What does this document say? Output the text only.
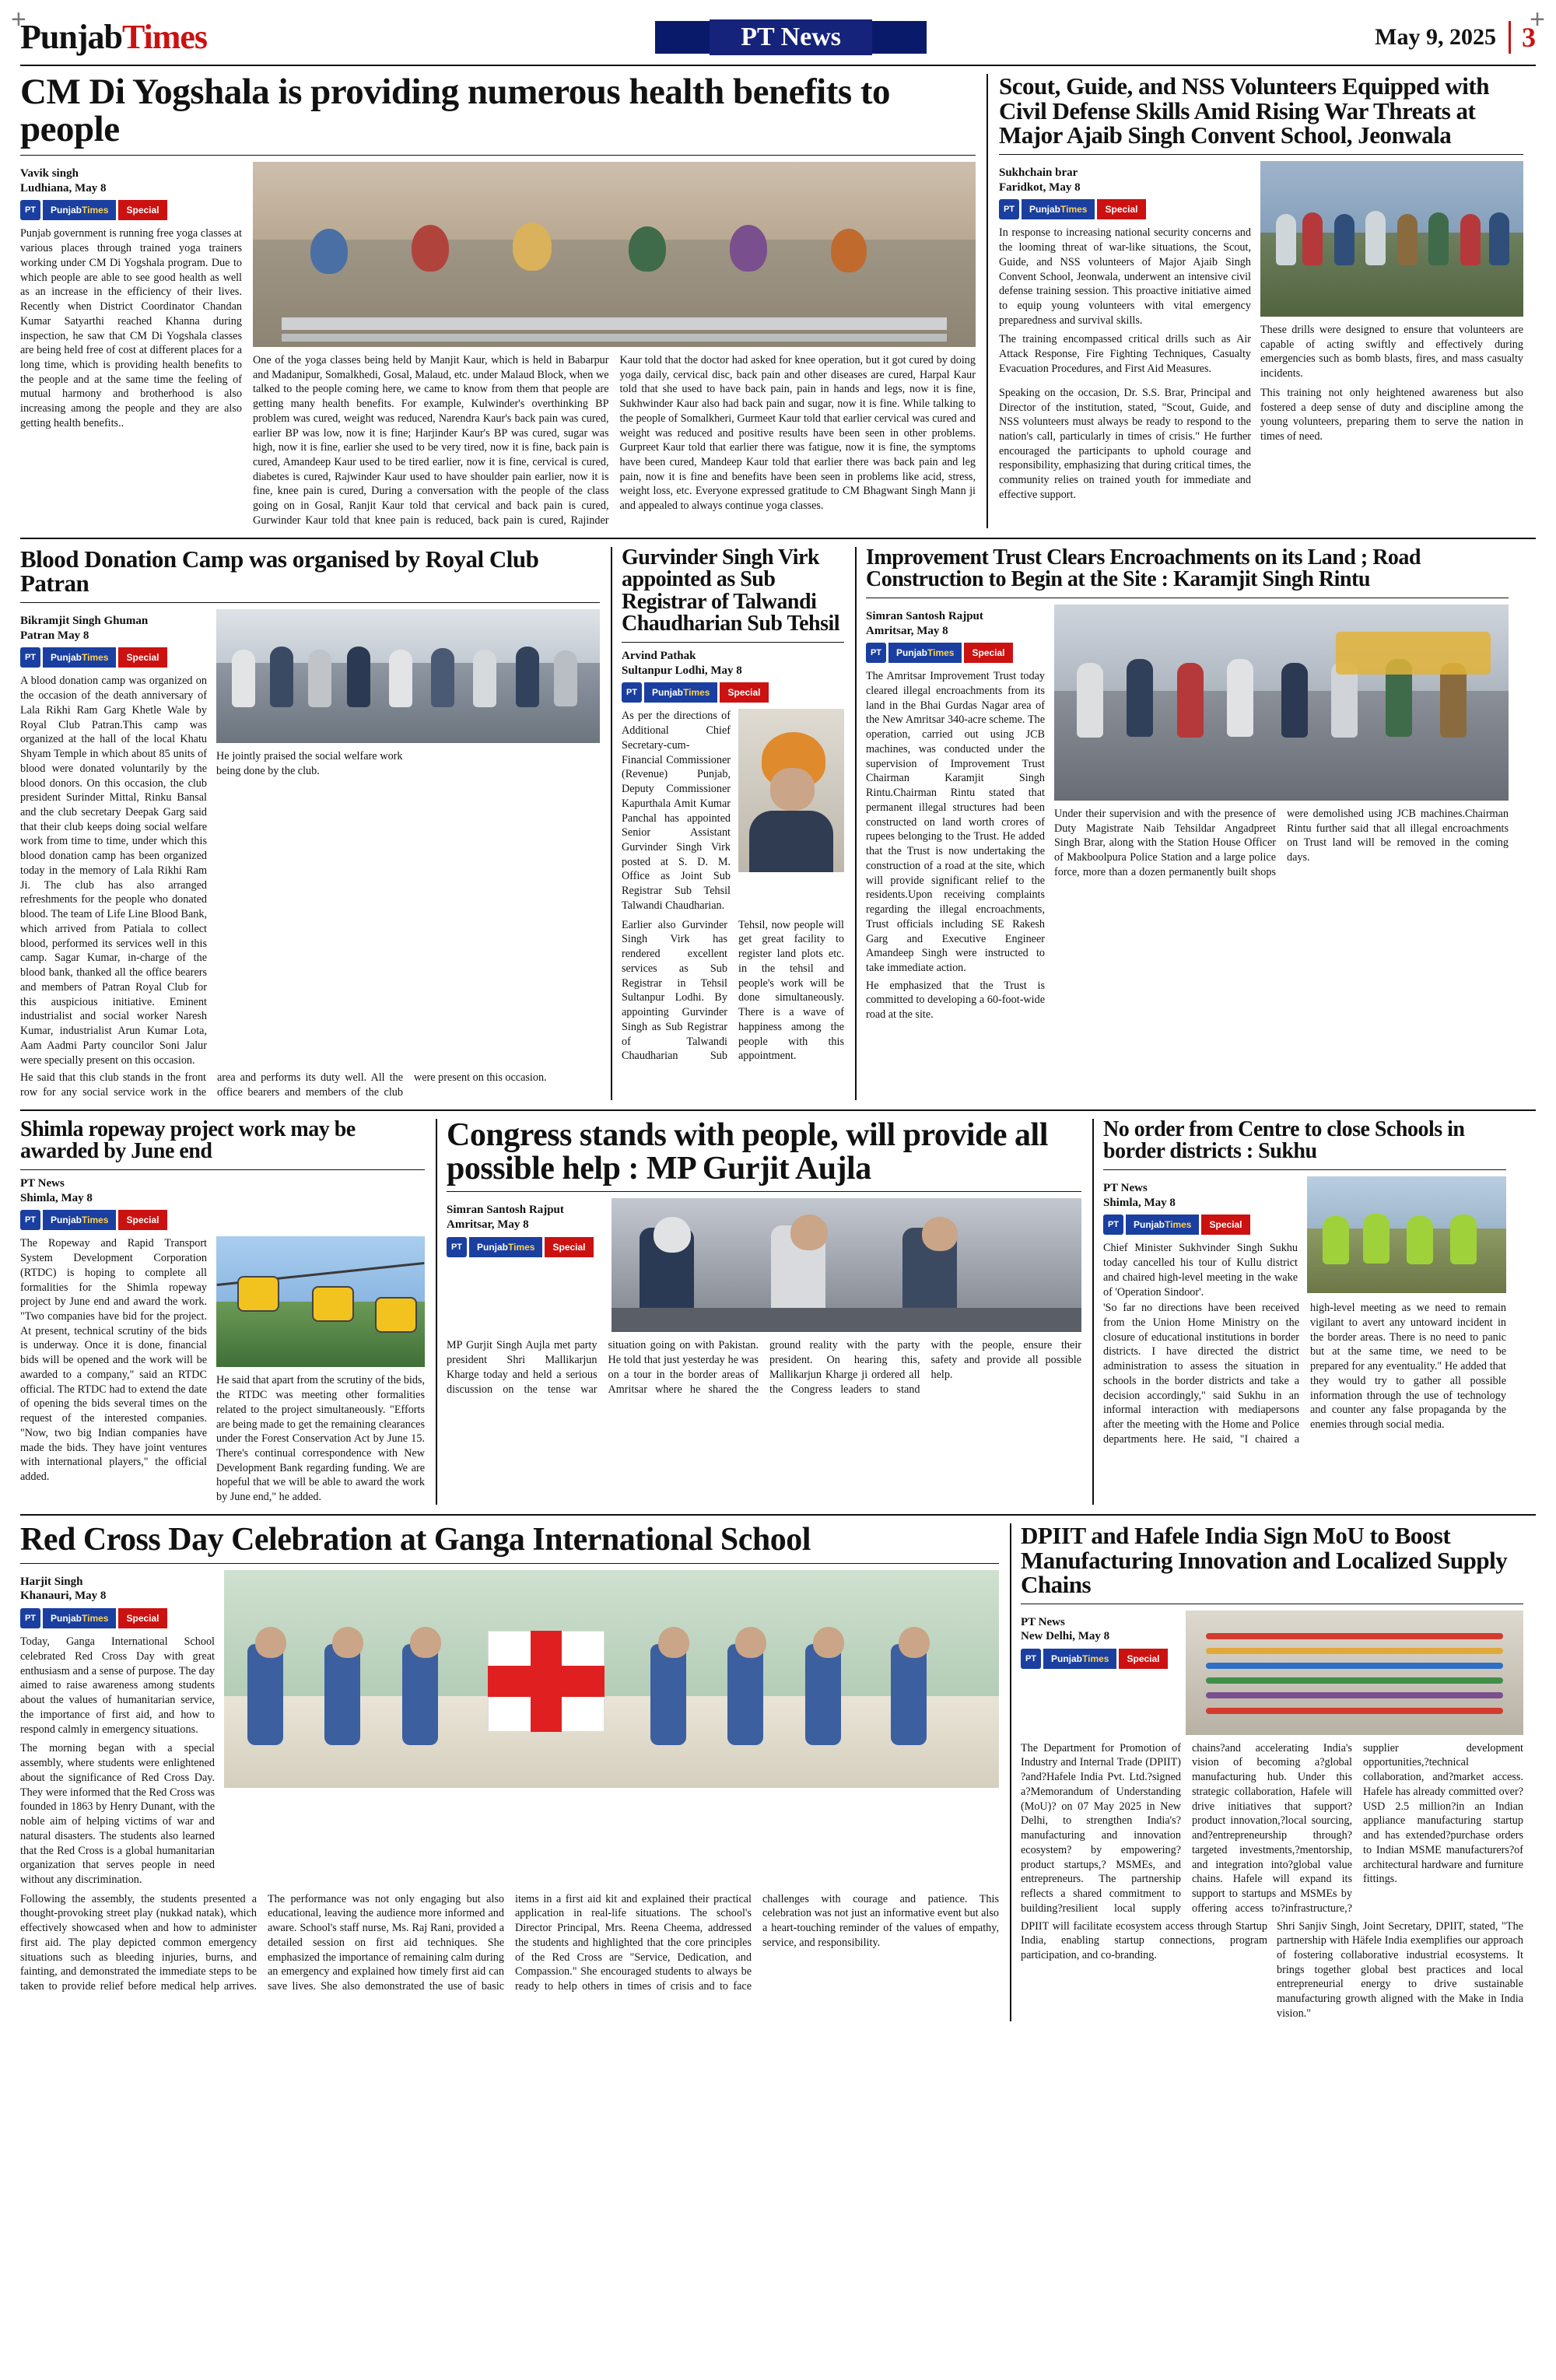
+	+
PunjabTimes	PT News	May 9, 2025 3
CM Di Yogshala is providing numerous health benefits to people
Vavik singh
Ludhiana, May 8
PT	Punjab Times	Special
Punjab government is running free yoga classes at various places through trained yoga trainers working under CM Di Yogshala program. Due to which people are able to see good health as well as an increase in the efficiency of their lives. Recently when District Coordinator Chandan Kumar Satyarthi reached Khanna during inspection, he saw that CM Di Yogshala classes are being held free of cost at different places for a long time, which is providing health benefits to the people and at the same time the feeling of mutual harmony and brotherhood is also increasing among the people and they are also getting health benefits..
One of the yoga classes being held by Manjit Kaur, which is held in Babarpur and Madanipur, Somalkhedi, Gosal, Malaud, etc. under Malaud Block, when we talked to the people coming here, we came to know from them that people are getting many health benefits. For example, Kulwinder's overthinking BP problem was cured, weight was reduced, Narendra Kaur's back pain was cured, earlier BP was low, now it is fine; Harjinder Kaur's BP was cured, sugar was high, now it is fine, earlier she used to be very tired, now it is fine, back pain is cured, Amandeep Kaur used to be tired earlier, now it is fine, cervical is cured, diabetes is cured, Rajwinder Kaur used to have shoulder pain earlier, now it is fine, knee pain is cured, During a conversation with the people of the class going on in Gosal, Ranjit Kaur told that cervical and back pain is cured, Gurwinder Kaur told that knee pain is reduced, back pain is cured, Rajinder Kaur told that the doctor had asked for knee operation, but it got cured by doing yoga daily, cervical disc, back pain and other diseases are cured, Harpal Kaur told that she used to have back pain, pain in hands and legs, now it is fine, Sukhwinder Kaur also had back pain and sugar, now it is fine. While talking to the people of Somalkheri, Gurmeet Kaur told that earlier cervical was cured and weight was reduced and positive results have been seen in other problems. Gurpreet Kaur told that earlier there was fatigue, now it is fine, the symptoms have been cured, Mandeep Kaur told that earlier there was back pain and leg pain, now it is fine and benefits have been seen in problems like acid, stress, weight loss, etc. Everyone expressed gratitude to CM Bhagwant Singh Mann ji and appealed to always continue yoga classes.
Scout, Guide, and NSS Volunteers Equipped with Civil Defense Skills Amid Rising War Threats at Major Ajaib Singh Convent School, Jeonwala
Sukhchain brar
Faridkot, May 8
PT	Punjab Times	Special
In response to increasing national security concerns and the looming threat of war-like situations, the Scout, Guide, and NSS volunteers of Major Ajaib Singh Convent School, Jeonwala, underwent an intensive civil defense training session. This proactive initiative aimed to equip young volunteers with vital emergency preparedness and survival skills.
The training encompassed critical drills such as Air Attack Response, Fire Fighting Techniques, Casualty Evacuation Procedures, and First Aid Measures.
These drills were designed to ensure that volunteers are capable of acting swiftly and effectively during emergencies such as bomb blasts, fires, and mass casualty incidents.
Speaking on the occasion, Dr. S.S. Brar, Principal and Director of the institution, stated, "Scout, Guide, and NSS volunteers must always be ready to respond to the nation's call, particularly in times of crisis." He further encouraged the participants to uphold courage and responsibility, emphasizing that during critical times, the community relies on trained youth for immediate and effective support.
This training not only heightened awareness but also fostered a deep sense of duty and discipline among the young volunteers, preparing them to serve the nation in times of need.
Blood Donation Camp was organised by Royal Club Patran
Bikramjit Singh Ghuman
Patran May 8
PT	Punjab Times	Special
A blood donation camp was organized on the occasion of the death anniversary of Lala Rikhi Ram Garg Khetle Wale by Royal Club Patran.This camp was organized at the hall of the local Khatu Shyam Temple in which about 85 units of blood were donated voluntarily by the blood donors. On this occasion, the club president Surinder Mittal, Rinku Bansal and the club secretary Deepak Garg said that their club keeps doing social welfare work from time to time, under which this blood donation camp has been organized today in the memory of Lala Rikhi Ram Ji. The club has also arranged refreshments for the people who donated blood. The team of Life Line Blood Bank, which arrived from Patiala to collect blood, performed its services well in this camp. Sagar Kumar, in-charge of the blood bank, thanked all the office bearers and members of Patran Royal Club for this auspicious initiative. Eminent industrialist and social worker Naresh Kumar, industrialist Arun Kumar Lota, Aam Aadmi Party councilor Soni Jalur were specially present on this occasion.
He jointly praised the social welfare work being done by the club.
He said that this club stands in the front row for any social service work in the area and performs its duty well. All the office bearers and members of the club were present on this occasion.
Gurvinder Singh Virk appointed as Sub Registrar of Talwandi Chaudharian Sub Tehsil
Arvind Pathak
Sultanpur Lodhi, May 8
PT	Punjab Times	Special
As per the directions of Additional Chief Secretary-cum-Financial Commissioner (Revenue) Punjab, Deputy Commissioner Kapurthala Amit Kumar Panchal has appointed Senior Assistant Gurvinder Singh Virk posted at S. D. M. Office as Joint Sub Registrar Sub Tehsil Talwandi Chaudharian.
Earlier also Gurvinder Singh Virk has rendered excellent services as Sub Registrar in Tehsil Sultanpur Lodhi. By appointing Gurvinder Singh as Sub Registrar of Talwandi Chaudharian Sub Tehsil, now people will get great facility to register land plots etc. in the tehsil and people's work will be done simultaneously. There is a wave of happiness among the people with this appointment.
Improvement Trust Clears Encroachments on its Land ; Road Construction to Begin at the Site : Karamjit Singh Rintu
Simran Santosh Rajput
Amritsar, May 8
PT	Punjab Times	Special
The Amritsar Improvement Trust today cleared illegal encroachments from its land in the Bhai Gurdas Nagar area of the New Amritsar 340-acre scheme. The operation, carried out using JCB machines, was conducted under the supervision of Improvement Trust Chairman Karamjit Singh Rintu.Chairman Rintu stated that permanent illegal structures had been constructed on land worth crores of rupees belonging to the Trust. He added that the Trust is now undertaking the construction of a road at the site, which will provide significant relief to the residents.Upon receiving complaints regarding the illegal encroachments, Trust officials including SE Rakesh Garg and Executive Engineer Amandeep Singh were instructed to take immediate action.
Under their supervision and with the presence of Duty Magistrate Naib Tehsildar Angadpreet Singh Brar, along with the Station House Officer of Makboolpura Police Station and a large police force, more than a dozen permanently built shops were demolished using JCB machines.Chairman Rintu further said that all illegal encroachments on Trust land will be removed in the coming days.
He emphasized that the Trust is committed to developing a 60-foot-wide road at the site.
Shimla ropeway project work may be awarded by June end
PT News
Shimla, May 8
PT	Punjab Times	Special
The Ropeway and Rapid Transport System Development Corporation (RTDC) is hoping to complete all formalities for the Shimla ropeway project by June end and award the work. "Two companies have bid for the project. At present, technical scrutiny of the bids is underway. Once it is done, financial bids will be opened and the work will be awarded to a company," said an RTDC official. The RTDC had to extend the date of opening the bids several times on the request of the interested companies. "Now, two big Indian companies have made the bids. They have joint ventures with international players," the official added.
He said that apart from the scrutiny of the bids, the RTDC was meeting other formalities related to the project simultaneously. "Efforts are being made to get the remaining clearances under the Forest Conservation Act by June 15. There's continual correspondence with New Development Bank regarding funding. We are hopeful that we will be able to award the work by June end," he added.
Congress stands with people, will provide all possible help : MP Gurjit Aujla
Simran Santosh Rajput
Amritsar, May 8
PT	Punjab Times	Special
MP Gurjit Singh Aujla met party president Shri Mallikarjun Kharge today and held a serious discussion on the tense war situation going on with Pakistan. He told that just yesterday he was on a tour in the border areas of Amritsar where he shared the ground reality with the party president. On hearing this, Mallikarjun Kharge ji ordered all the Congress leaders to stand with the people, ensure their safety and provide all possible help.
No order from Centre to close Schools in border districts : Sukhu
PT News
Shimla, May 8
PT	Punjab Times	Special
Chief Minister Sukhvinder Singh Sukhu today cancelled his tour of Kullu district and chaired high-level meeting in the wake of 'Operation Sindoor'.
'So far no directions have been received from the Union Home Ministry on the closure of educational institutions in border districts. I have directed the district administration to assess the situation in schools in the border districts and take a decision accordingly," said Sukhu in an informal interaction with mediapersons after the meeting with the Home and Police departments here. He said, "I chaired a high-level meeting as we need to remain vigilant to avert any untoward incident in the border areas. There is no need to panic but at the same time, we need to be prepared for any eventuality." He added that they would try to gather all possible information through the use of technology and counter any false propaganda by the enemies through social media.
Red Cross Day Celebration at Ganga International School
Harjit Singh
Khanauri, May 8
PT	Punjab Times	Special
Today, Ganga International School celebrated Red Cross Day with great enthusiasm and a sense of purpose. The day aimed to raise awareness among students about the values of humanitarian service, the importance of first aid, and how to respond calmly in emergency situations.
The morning began with a special assembly, where students were enlightened about the significance of Red Cross Day. They were informed that the Red Cross was founded in 1863 by Henry Dunant, with the noble aim of helping victims of war and natural disasters. The students also learned that the Red Cross is a global humanitarian organization that serves people in need without any discrimination.
Following the assembly, the students presented a thought-provoking street play (nukkad natak), which effectively showcased when and how to administer first aid. The play depicted common emergency situations such as bleeding injuries, burns, and fainting, and demonstrated the immediate steps to be taken to provide relief before medical help arrives. The performance was not only engaging but also educational, leaving the audience more informed and aware. School's staff nurse, Ms. Raj Rani, provided a detailed session on first aid techniques. She emphasized the importance of remaining calm during an emergency and explained how timely first aid can save lives. She also demonstrated the use of basic items in a first aid kit and explained their practical application in real-life situations. The school's Director Principal, Mrs. Reena Cheema, addressed the students and highlighted that the core principles of the Red Cross are "Service, Dedication, and Compassion." She encouraged students to always be ready to help others in times of crisis and to face challenges with courage and patience. This celebration was not just an informative event but also a heart-touching reminder of the values of empathy, service, and responsibility.
DPIIT and Hafele India Sign MoU to Boost Manufacturing Innovation and Localized Supply Chains
PT News
New Delhi, May 8
PT	Punjab Times	Special
The Department for Promotion of Industry and Internal Trade (DPIIT) ?and?Hafele India Pvt. Ltd.?signed a?Memorandum of Understanding (MoU)? on 07 May 2025 in New Delhi, to strengthen India's?manufacturing and innovation ecosystem? by empowering?product startups,? MSMEs, and entrepreneurs. The partnership reflects a shared commitment to building?resilient local supply chains?and accelerating India's vision of becoming a?global manufacturing hub. Under this strategic collaboration, Hafele will drive initiatives that support?product innovation,?local sourcing, and?entrepreneurship through?targeted investments,?mentorship, and integration into?global value chains. Hafele will expand its support to startups and MSMEs by offering access to?infrastructure,? supplier development opportunities,?technical collaboration, and?market access. Hafele has already committed over?USD 2.5 million?in an Indian appliance manufacturing startup and has extended?purchase orders to Indian MSME manufacturers?of architectural hardware and furniture fittings.
DPIIT will facilitate ecosystem access through Startup India, enabling startup connections, program participation, and co-branding.
Shri Sanjiv Singh, Joint Secretary, DPIIT, stated, "The partnership with Häfele India exemplifies our approach of fostering collaborative industrial ecosystems. It brings together global best practices and local entrepreneurial energy to drive sustainable manufacturing growth aligned with the Make in India vision."
